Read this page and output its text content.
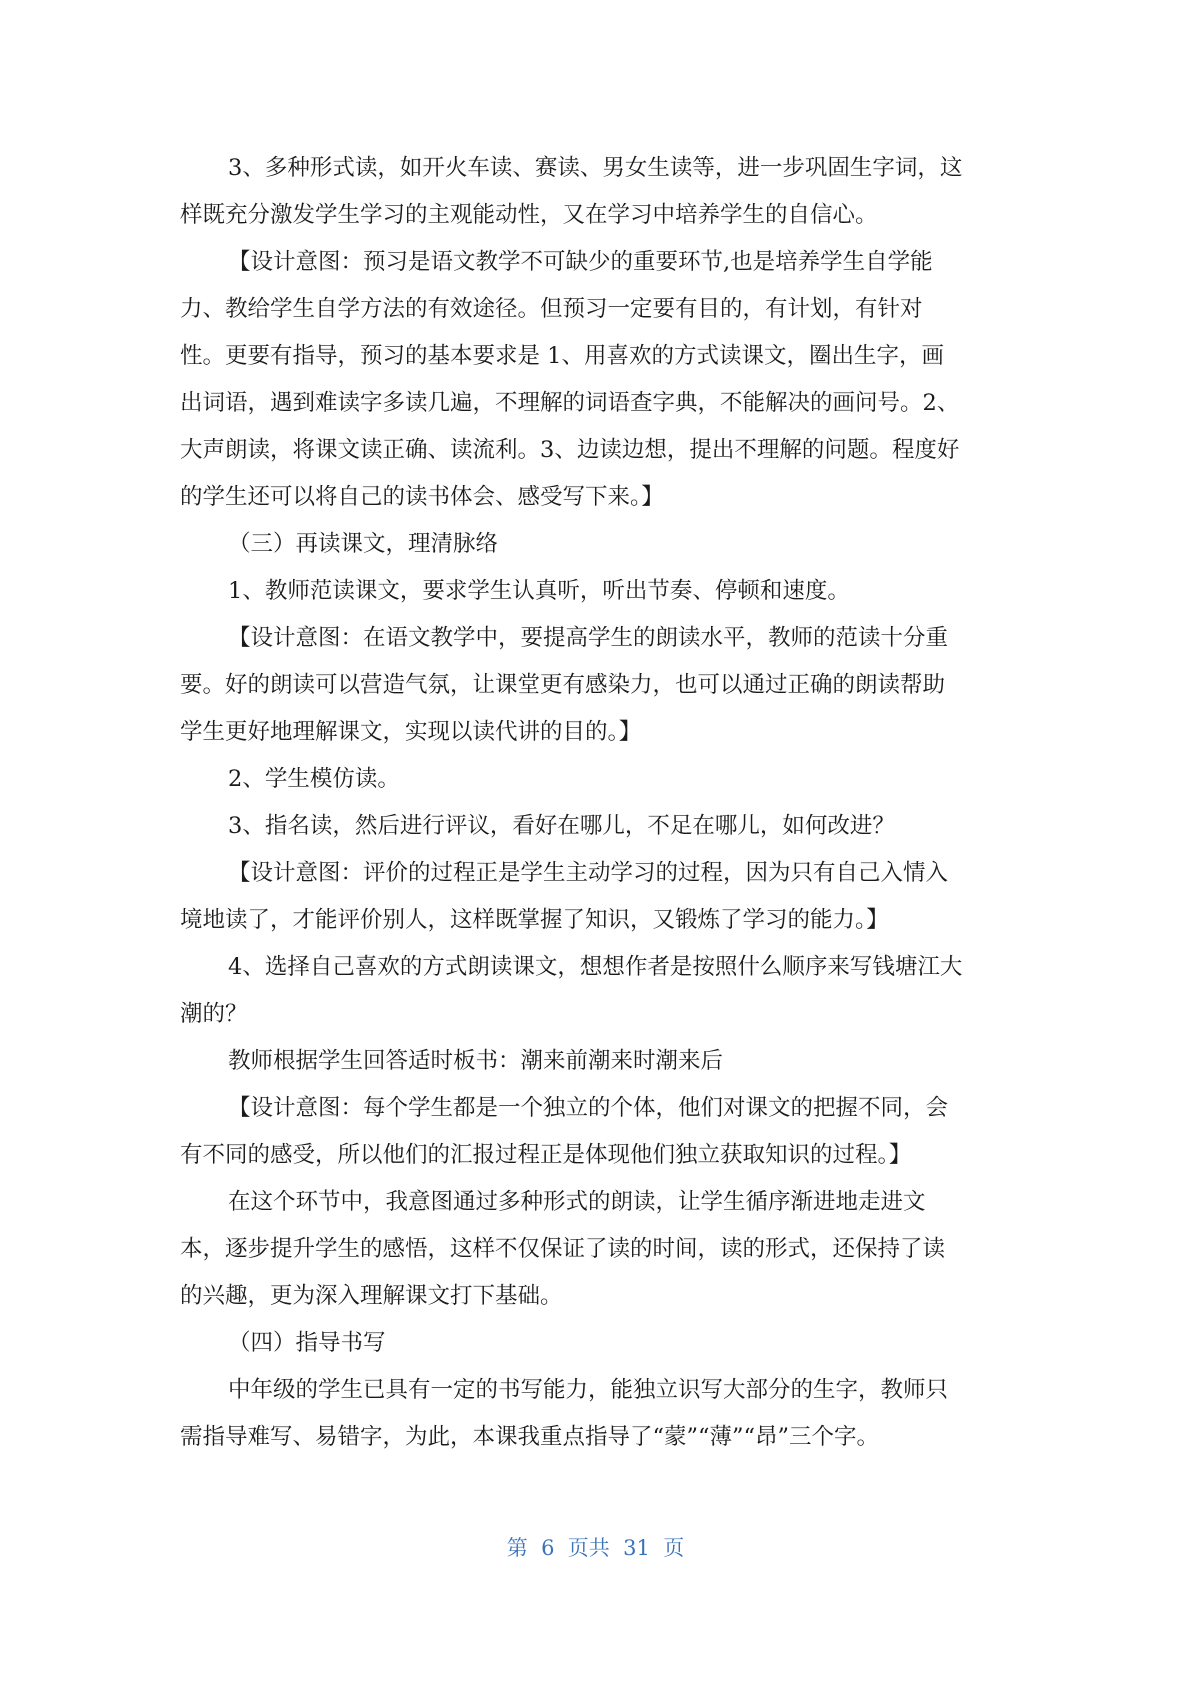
3、多种形式读，如开火车读、赛读、男女生读等，进一步巩固生字词，这
样既充分激发学生学习的主观能动性，又在学习中培养学生的自信心。

【设计意图：预习是语文教学不可缺少的重要环节,也是培养学生自学能
力、教给学生自学方法的有效途径。但预习一定要有目的，有计划，有针对
性。更要有指导，预习的基本要求是 1、用喜欢的方式读课文，圈出生字，画
出词语，遇到难读字多读几遍，不理解的词语查字典，不能解决的画问号。2、
大声朗读，将课文读正确、读流利。3、边读边想，提出不理解的问题。程度好
的学生还可以将自己的读书体会、感受写下来。】

（三）再读课文，理清脉络

1、教师范读课文，要求学生认真听，听出节奏、停顿和速度。

【设计意图：在语文教学中，要提高学生的朗读水平，教师的范读十分重
要。好的朗读可以营造气氛，让课堂更有感染力，也可以通过正确的朗读帮助
学生更好地理解课文，实现以读代讲的目的。】

2、学生模仿读。

3、指名读，然后进行评议，看好在哪儿，不足在哪儿，如何改进？

【设计意图：评价的过程正是学生主动学习的过程，因为只有自己入情入
境地读了，才能评价别人，这样既掌握了知识，又锻炼了学习的能力。】

4、选择自己喜欢的方式朗读课文，想想作者是按照什么顺序来写钱塘江大
潮的？

教师根据学生回答适时板书：潮来前潮来时潮来后

【设计意图：每个学生都是一个独立的个体，他们对课文的把握不同，会
有不同的感受，所以他们的汇报过程正是体现他们独立获取知识的过程。】

在这个环节中，我意图通过多种形式的朗读，让学生循序渐进地走进文
本，逐步提升学生的感悟，这样不仅保证了读的时间，读的形式，还保持了读
的兴趣，更为深入理解课文打下基础。

（四）指导书写

中年级的学生已具有一定的书写能力，能独立识写大部分的生字，教师只
需指导难写、易错字，为此，本课我重点指导了“蒙”“薄”“昂”三个字。

第  6  页共  31  页
